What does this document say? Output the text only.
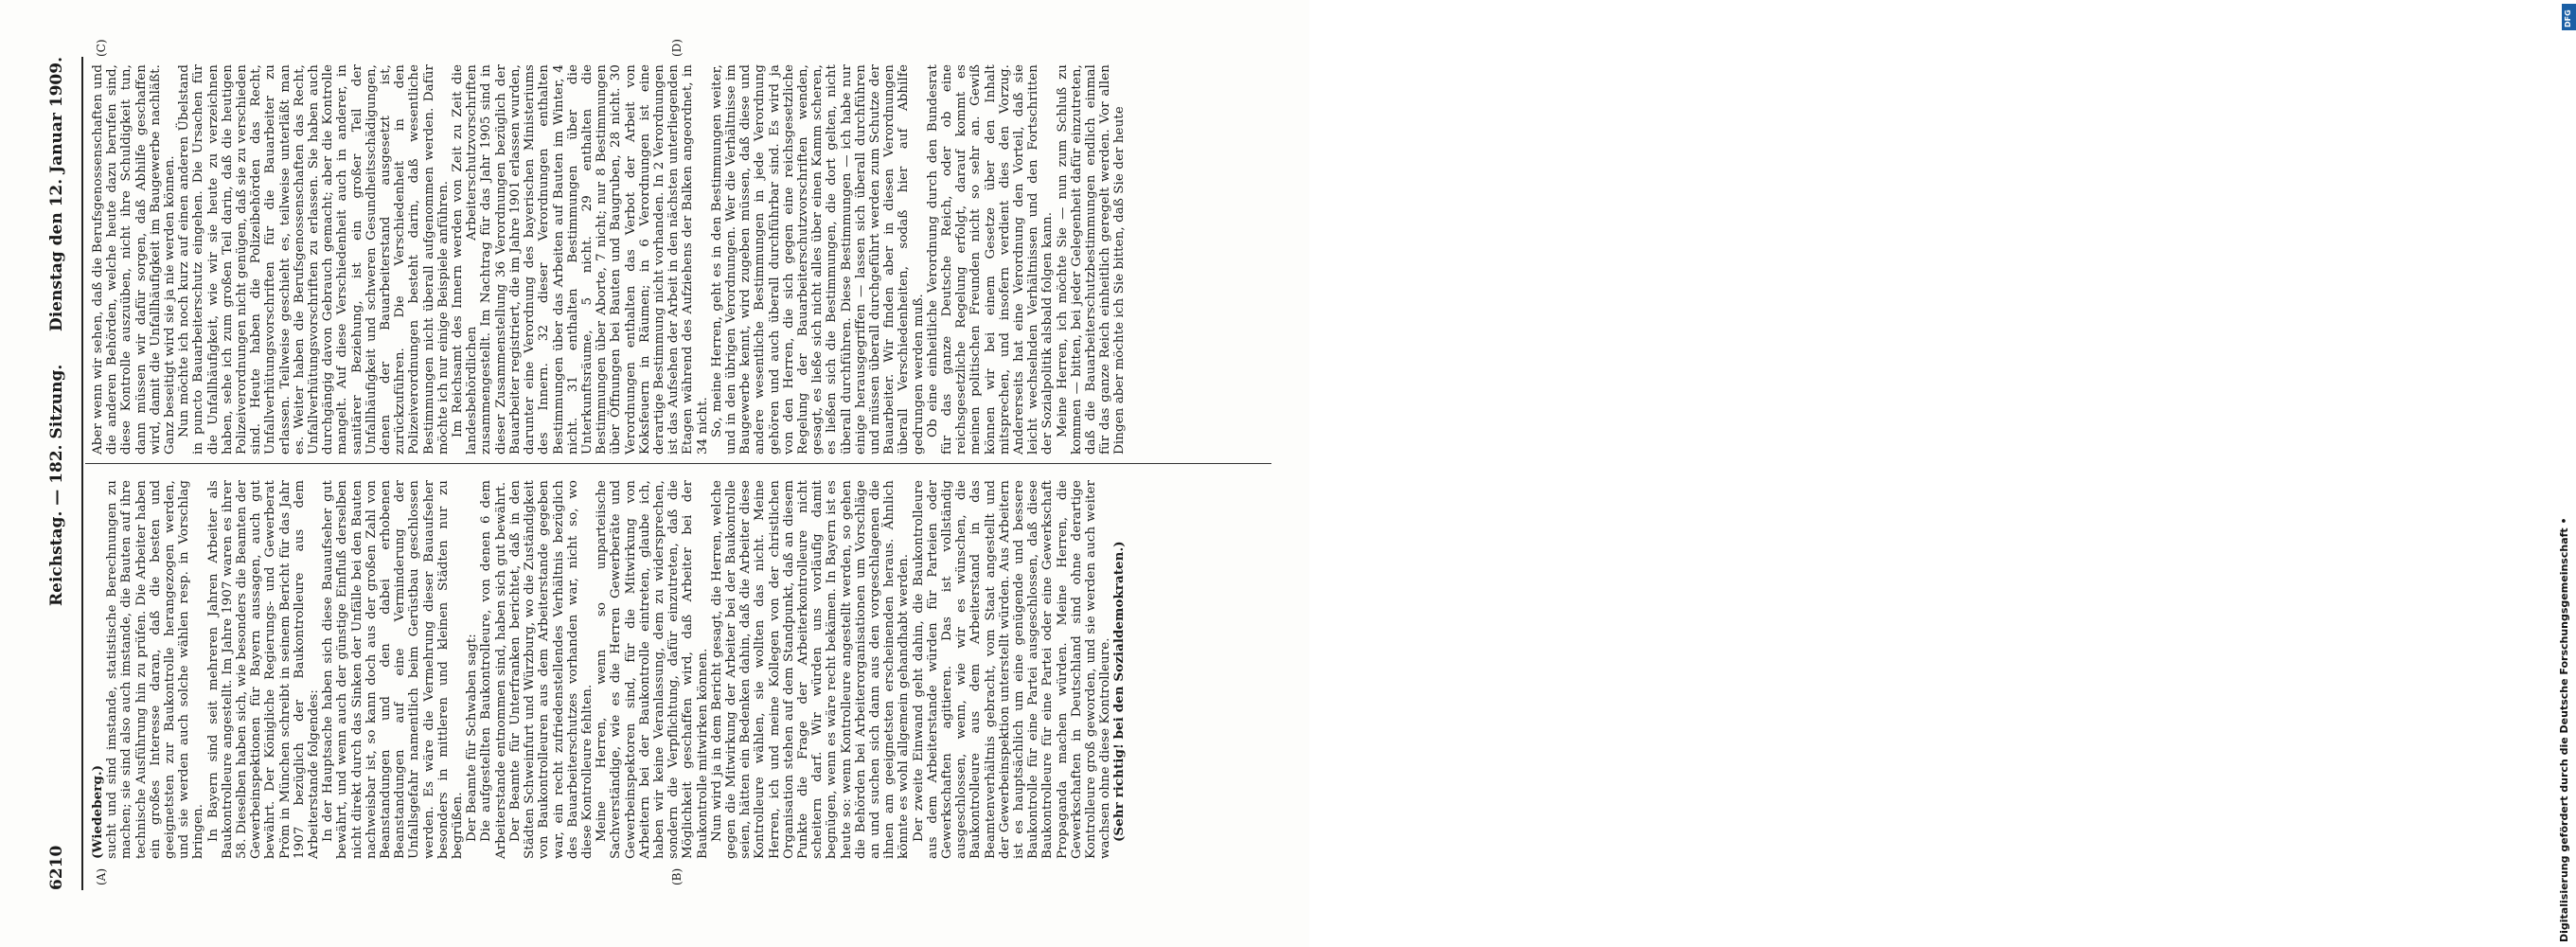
6210
Reichstag. — 182. Sitzung.
Dienstag den 12. Januar 1909.
(A)	(B)
(C)	(D)

(Wiedeberg.) sucht und sind imstande, statistische Berechnungen zu machen; sie sind also auch imstande, die Bauten auf ihre technische Ausführung hin zu prüfen. Die Arbeiter haben ein großes Interesse daran, daß die besten und geeignetsten zur Baukontrolle herangezogen werden, und sie werden auch solche wählen resp. in Vorschlag bringen. In Bayern sind seit mehreren Jahren Arbeiter als Baukontrolleure angestellt. Im Jahre 1907 waren es ihrer 58. Dieselben haben sich, wie besonders die Beamten der Gewerbeinspektionen für Bayern aussagen, auch gut bewährt. Der Königliche Regierungs- und Gewerberat Pröm in München schreibt in seinem Bericht für das Jahr 1907 bezüglich der Baukontrolleure aus dem Arbeiterstande folgendes: In der Hauptsache haben sich diese Bauaufseher gut bewährt, und wenn auch der günstige Einfluß derselben nicht direkt durch das Sinken der Unfälle bei den Bauten nachweisbar ist, so kann doch aus der großen Zahl von Beanstandungen und den dabei erhobenen Beanstandungen auf eine Verminderung der Unfallsgefahr namentlich beim Gerüstbau geschlossen werden. Es wäre die Vermehrung dieser Bauaufseher besonders in mittleren und kleinen Städten nur zu begrüßen. Der Beamte für Schwaben sagt: Die aufgestellten Baukontrolleure, von denen 6 dem Arbeiterstande entnommen sind, haben sich gut bewährt. Der Beamte für Unterfranken berichtet, daß in den Städten Schweinfurt und Würzburg, wo die Zuständigkeit von Baukontrolleuren aus dem Arbeiterstande gegeben war, ein recht zufriedenstellendes Verhältnis bezüglich des Bauarbeiterschutzes vorhanden war, nicht so, wo diese Kontrolleure fehlten. Meine Herren, wenn so unparteiische Sachverständige, wie es die Herren Gewerberäte und Gewerbeinspektoren sind, für die Mitwirkung von Arbeitern bei der Baukontrolle eintreten, glaube ich, haben wir keine Veranlassung, dem zu widersprechen, sondern die Verpflichtung, dafür einzutreten, daß die Möglichkeit geschaffen wird, daß Arbeiter bei der Baukontrolle mitwirken können. Nun wird ja in dem Bericht gesagt, die Herren, welche gegen die Mitwirkung der Arbeiter bei der Baukontrolle seien, hätten ein Bedenken dahin, daß die Arbeiter diese Kontrolleure wählen, sie wollten das nicht. Meine Herren, ich und meine Kollegen von der christlichen Organisation stehen auf dem Standpunkt, daß an diesem Punkte die Frage der Arbeiterkontrolleure nicht scheitern darf. Wir würden uns vorläufig damit begnügen, wenn es wäre recht bekämen. In Bayern ist es heute so: wenn Kontrolleure angestellt werden, so gehen die Behörden bei Arbeiterorganisationen um Vorschläge an und suchen sich dann aus den vorgeschlagenen die ihnen am geeignetsten erscheinenden heraus. Ähnlich könnte es wohl allgemein gehandhabt werden. Der zweite Einwand geht dahin, die Baukontrolleure aus dem Arbeiterstande würden für Parteien oder Gewerkschaften agitieren. Das ist vollständig ausgeschlossen, wenn, wie wir es wünschen, die Baukontrolleure aus dem Arbeiterstand in das Beamtenverhältnis gebracht, vom Staat angestellt und der Gewerbeinspektion unterstellt würden. Aus Arbeitern ist es hauptsächlich um eine genügende und bessere Baukontrolle für eine Partei ausgeschlossen, daß diese Baukontrolleure für eine Partei oder eine Gewerkschaft Propaganda machen würden. Meine Herren, die Gewerkschaften in Deutschland sind ohne derartige Kontrolleure groß geworden, und sie werden auch weiter wachsen ohne diese Kontrolleure. (Sehr richtig! bei den Sozialdemokraten.)

Aber wenn wir sehen, daß die Berufsgenossenschaften und die anderen Behörden, welche heute dazu berufen sind, diese Kontrolle auszuüben, nicht ihre Schuldigkeit tun, dann müssen wir dafür sorgen, daß Abhilfe geschaffen wird, damit die Unfallhäufigkeit im Baugewerbe nachläßt. Ganz beseitigt wird sie ja nie werden können. Nun möchte ich noch kurz auf einen anderen Übelstand in puncto Bauarbeiterschutz eingehen. Die Ursachen für die Unfallhäufigkeit, wie wir sie heute zu verzeichnen haben, sehe ich zum großen Teil darin, daß die heutigen Polizeiverordnungen nicht genügen, daß sie zu verschieden sind. Heute haben die Polizeibehörden das Recht, Unfallverhütungsvorschriften für die Bauarbeiter zu erlassen. Teilweise geschieht es, teilweise unterläßt man es. Weiter haben die Berufsgenossenschaften das Recht, Unfallverhütungsvorschriften zu erlassen. Sie haben auch durchgängig davon Gebrauch gemacht; aber die Kontrolle mangelt. Auf diese Verschiedenheit auch in anderer, in sanitärer Beziehung, ist ein großer Teil der Unfallhäufigkeit und schweren Gesundheitsschädigungen, denen der Bauarbeiterstand ausgesetzt ist, zurückzuführen. Die Verschiedenheit in den Polizeiverordnungen besteht darin, daß wesentliche Bestimmungen nicht überall aufgenommen werden. Dafür möchte ich nur einige Beispiele anführen. Im Reichsamt des Innern werden von Zeit zu Zeit die landesbehördlichen Arbeiterschutzvorschriften zusammengestellt. Im Nachtrag für das Jahr 1905 sind in dieser Zusammenstellung 36 Verordnungen bezüglich der Bauarbeiter registriert, die im Jahre 1901 erlassen wurden, darunter eine Verordnung des bayerischen Ministeriums des Innern. 32 dieser Verordnungen enthalten Bestimmungen über das Arbeiten auf Bauten im Winter, 4 nicht. 31 enthalten Bestimmungen über die Unterkunftsräume, 5 nicht. 29 enthalten die Bestimmungen über Aborte, 7 nicht; nur 8 Bestimmungen über Öffnungen bei Bauten und Baugruben, 28 nicht. 30 Verordnungen enthalten das Verbot der Arbeit von Koksfeuern in Räumen; in 6 Verordnungen ist eine derartige Bestimmung nicht vorhanden. In 2 Verordnungen ist das Aufsehen der Arbeit in den nächsten unterliegenden Etagen während des Aufziehens der Balken angeordnet, in 34 nicht. So, meine Herren, geht es in den Bestimmungen weiter, und in den übrigen Verordnungen. Wer die Verhältnisse im Baugewerbe kennt, wird zugeben müssen, daß diese und andere wesentliche Bestimmungen in jede Verordnung gehören und auch überall durchführbar sind. Es wird ja von den Herren, die sich gegen eine reichsgesetzliche Regelung der Bauarbeiterschutzvorschriften wenden, gesagt, es ließe sich nicht alles über einen Kamm scheren, es ließen sich die Bestimmungen, die dort gelten, nicht überall durchführen. Diese Bestimmungen — ich habe nur einige herausgegriffen — lassen sich überall durchführen und müssen überall durchgeführt werden zum Schutze der Bauarbeiter. Wir finden aber in diesen Verordnungen überall Verschiedenheiten, sodaß hier auf Abhilfe gedrungen werden muß. Ob eine einheitliche Verordnung durch den Bundesrat für das ganze Deutsche Reich, oder ob eine reichsgesetzliche Regelung erfolgt, darauf kommt es meinen politischen Freunden nicht so sehr an. Gewiß können wir bei einem Gesetze über den Inhalt mitsprechen, und insofern verdient dies den Vorzug. Andererseits hat eine Verordnung den Vorteil, daß sie leicht wechselnden Verhältnissen und den Fortschritten der Sozialpolitik alsbald folgen kann. Meine Herren, ich möchte Sie — nun zum Schluß zu kommen — bitten, bei jeder Gelegenheit dafür einzutreten, daß die Bauarbeiterschutzbestimmungen endlich einmal für das ganze Reich einheitlich geregelt werden. Vor allen Dingen aber möchte ich Sie bitten, daß Sie der heute

Digitalisierung gefördert durch die Deutsche Forschungsgemeinschaft •
DFG
